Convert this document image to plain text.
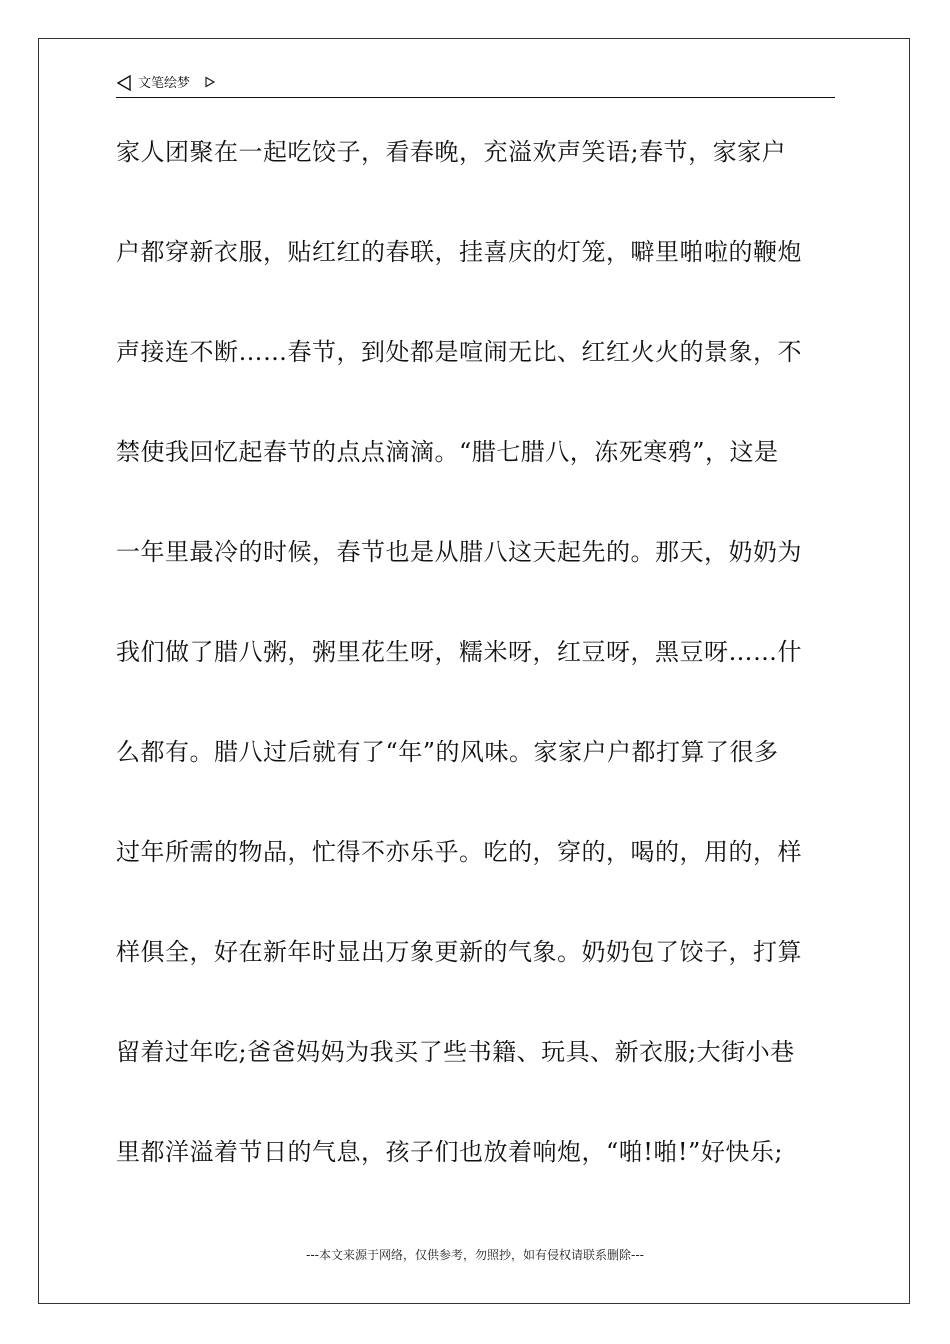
文笔绘梦
家人团聚在一起吃饺子，看春晚，充溢欢声笑语;春节，家家户
户都穿新衣服，贴红红的春联，挂喜庆的灯笼，噼里啪啦的鞭炮
声接连不断……春节，到处都是喧闹无比、红红火火的景象，不
禁使我回忆起春节的点点滴滴。“腊七腊八，冻死寒鸦”，这是
一年里最冷的时候，春节也是从腊八这天起先的。那天，奶奶为
我们做了腊八粥，粥里花生呀，糯米呀，红豆呀，黑豆呀……什
么都有。腊八过后就有了“年”的风味。家家户户都打算了很多
过年所需的物品，忙得不亦乐乎。吃的，穿的，喝的，用的，样
样俱全，好在新年时显出万象更新的气象。奶奶包了饺子，打算
留着过年吃;爸爸妈妈为我买了些书籍、玩具、新衣服;大街小巷
里都洋溢着节日的气息，孩子们也放着响炮，“啪!啪!”好快乐;
---本文来源于网络，仅供参考，勿照抄，如有侵权请联系删除---
